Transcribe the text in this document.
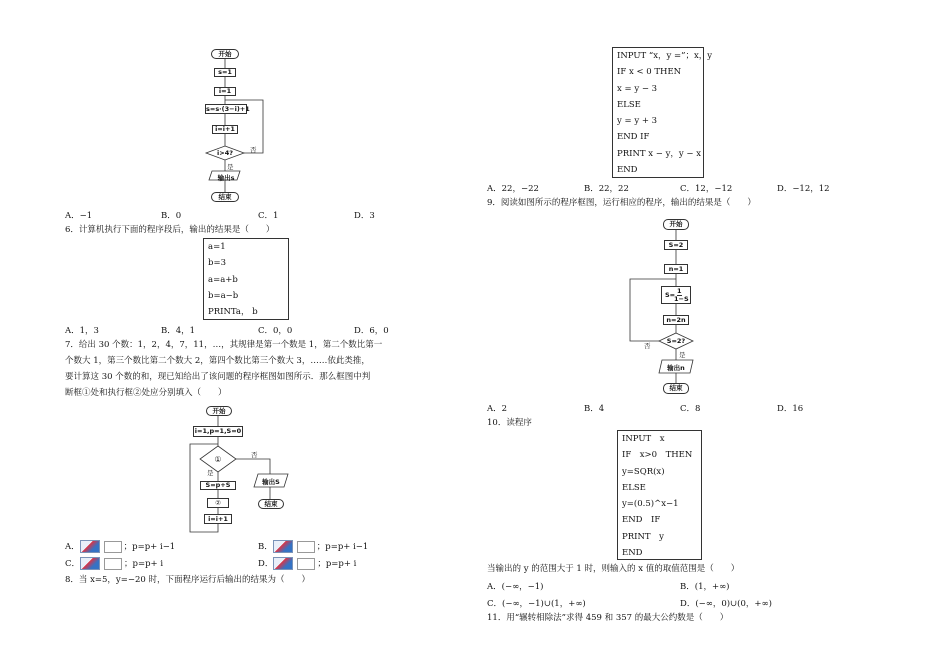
开始
s=1
i=1
s=s·(3−i)+1
i=i+1
i>4?
是
否
输出s
结束
A．−1	B．0	C．1	D．3
6．计算机执行下面的程序段后，输出的结果是（　　）
a=1
b=3
a=a+b
b=a−b
PRINTa， b
A．1，3	B．4，1	C．0，0	D．6，0
7．给出 30 个数：1，2，4，7，11，…，其规律是第一个数是 1，第二个数比第一
个数大 1，第三个数比第二个数大 2，第四个数比第三个数大 3，……依此类推，
要计算这 30 个数的和，现已知给出了该问题的程序框图如图所示．那么框图中判
断框①处和执行框②处应分别填入（　　）
开始
i=1,p=1,S=0
①	否
是
S=p+S
②
i=i+1
输出S
结束
A．	；p=p+ i−1	B．	；p=p+ i−1
C．	；p=p+ i	D．	；p=p+ i
8．当 x=5，y=−20 时，下面程序运行后输出的结果为（　　）
INPUT “x，y =”；x，y
IF x < 0 THEN
x = y − 3
ELSE
y = y + 3
END IF
PRINT x − y，y − x
END
A．22，−22	B．22，22	C．12，−12	D．−12，12
9．阅读如图所示的程序框图，运行相应的程序，输出的结果是（　　）
开始
S=2
n=1
S= 1
1−S
n=2n
S=2?
否
是
输出n
结束
A．2	B．4	C．8	D．16
10．读程序
INPUT　x
IF　x>0　THEN
y=SQR(x)
ELSE
y=(0.5)^x−1
END　IF
PRINT　y
END
当输出的 y 的范围大于 1 时，则输入的 x 值的取值范围是（　　）
A．(−∞，−1)	B．(1，+∞)
C．(−∞，−1)∪(1，+∞)	D．(−∞，0)∪(0，+∞)
11．用“辗转相除法”求得 459 和 357 的最大公约数是（　　）
